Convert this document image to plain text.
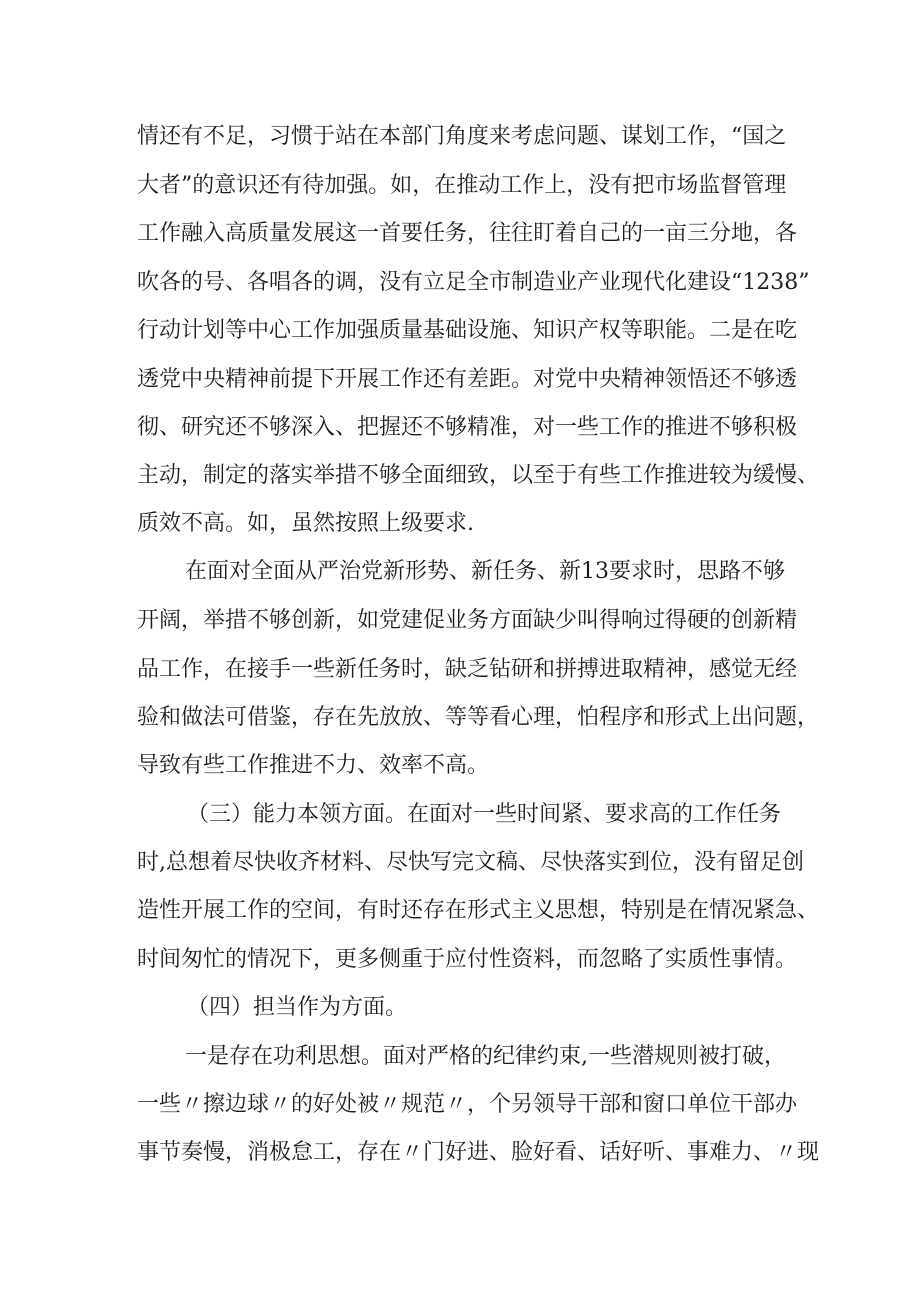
情还有不足，习惯于站在本部门角度来考虑问题、谋划工作，“国之
大者”的意识还有待加强。如，在推动工作上，没有把市场监督管理
工作融入高质量发展这一首要任务，往往盯着自己的一亩三分地，各
吹各的号、各唱各的调，没有立足全市制造业产业现代化建设“1238”
行动计划等中心工作加强质量基础设施、知识产权等职能。二是在吃
透党中央精神前提下开展工作还有差距。对党中央精神领悟还不够透
彻、研究还不够深入、把握还不够精准，对一些工作的推进不够积极
主动，制定的落实举措不够全面细致，以至于有些工作推进较为缓慢、
质效不高。如，虽然按照上级要求.
在面对全面从严治党新形势、新任务、新13要求时，思路不够
开阔，举措不够创新，如党建促业务方面缺少叫得响过得硬的创新精
品工作，在接手一些新任务时，缺乏钻研和拼搏进取精神，感觉无经
验和做法可借鉴，存在先放放、等等看心理，怕程序和形式上出问题，
导致有些工作推进不力、效率不高。
（三）能力本领方面。在面对一些时间紧、要求高的工作任务
时,总想着尽快收齐材料、尽快写完文稿、尽快落实到位，没有留足创
造性开展工作的空间，有时还存在形式主义思想，特别是在情况紧急、
时间匆忙的情况下，更多侧重于应付性资料，而忽略了实质性事情。
（四）担当作为方面。
一是存在功利思想。面对严格的纪律约束,一些潜规则被打破，
一些〃擦边球〃的好处被〃规范〃，个另领导干部和窗口单位干部办
事节奏慢，消极怠工，存在〃门好进、脸好看、话好听、事难力、〃现
